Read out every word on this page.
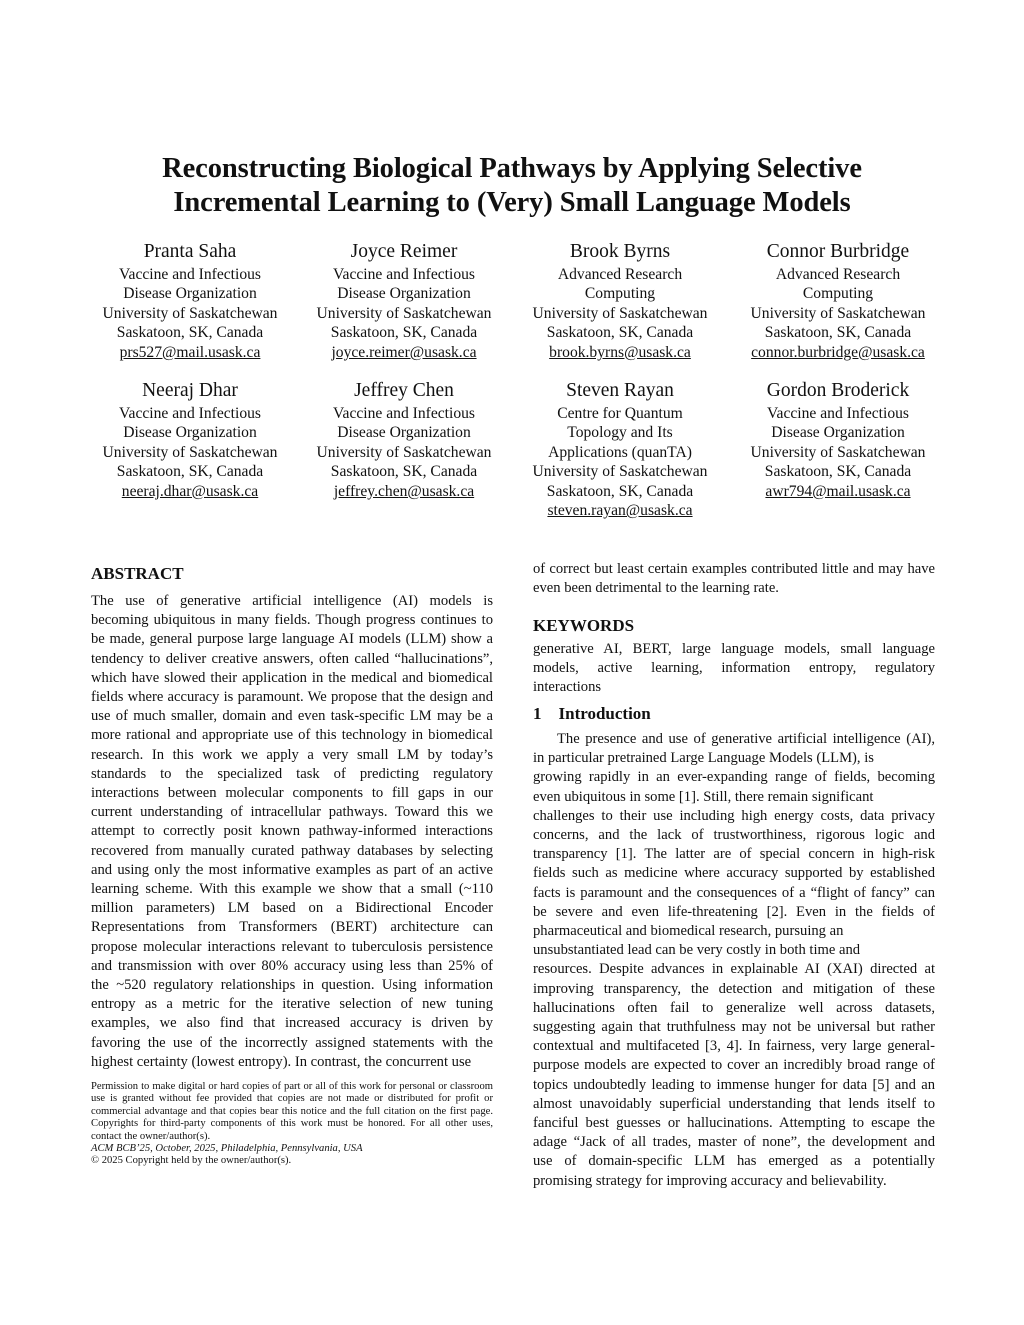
Reconstructing Biological Pathways by Applying Selective
Incremental Learning to (Very) Small Language Models
Pranta Saha
Vaccine and Infectious
Disease Organization
University of Saskatchewan
Saskatoon, SK, Canada
prs527@mail.usask.ca
Joyce Reimer
Vaccine and Infectious
Disease Organization
University of Saskatchewan
Saskatoon, SK, Canada
joyce.reimer@usask.ca
Brook Byrns
Advanced Research
Computing
University of Saskatchewan
Saskatoon, SK, Canada
brook.byrns@usask.ca
Connor Burbridge
Advanced Research
Computing
University of Saskatchewan
Saskatoon, SK, Canada
connor.burbridge@usask.ca
Neeraj Dhar
Vaccine and Infectious
Disease Organization
University of Saskatchewan
Saskatoon, SK, Canada
neeraj.dhar@usask.ca
Jeffrey Chen
Vaccine and Infectious
Disease Organization
University of Saskatchewan
Saskatoon, SK, Canada
jeffrey.chen@usask.ca
Steven Rayan
Centre for Quantum
Topology and Its
Applications (quanTA)
University of Saskatchewan
Saskatoon, SK, Canada
steven.rayan@usask.ca
Gordon Broderick
Vaccine and Infectious
Disease Organization
University of Saskatchewan
Saskatoon, SK, Canada
awr794@mail.usask.ca
ABSTRACT
The use of generative artificial intelligence (AI) models is
becoming ubiquitous in many fields. Though progress continues to
be made, general purpose large language AI models (LLM) show a
tendency to deliver creative answers, often called “hallucinations”,
which have slowed their application in the medical and biomedical
fields where accuracy is paramount. We propose that the design and
use of much smaller, domain and even task-specific LM may be a
more rational and appropriate use of this technology in biomedical
research. In this work we apply a very small LM by today’s
standards to the specialized task of predicting regulatory
interactions between molecular components to fill gaps in our
current understanding of intracellular pathways. Toward this we
attempt to correctly posit known pathway-informed interactions
recovered from manually curated pathway databases by selecting
and using only the most informative examples as part of an active
learning scheme. With this example we show that a small (~110
million parameters) LM based on a Bidirectional Encoder
Representations from Transformers (BERT) architecture can
propose molecular interactions relevant to tuberculosis persistence
and transmission with over 80% accuracy using less than 25% of
the ~520 regulatory relationships in question. Using information
entropy as a metric for the iterative selection of new tuning
examples, we also find that increased accuracy is driven by
favoring the use of the incorrectly assigned statements with the
highest certainty (lowest entropy). In contrast, the concurrent use

Permission to make digital or hard copies of part or all of this work for personal or classroom use is granted without fee provided that copies are not made or distributed for profit or commercial advantage and that copies bear this notice and the full citation on the first page. Copyrights for third-party components of this work must be honored. For all other uses, contact the owner/author(s).

ACM BCB’25, October, 2025, Philadelphia, Pennsylvania, USA

© 2025 Copyright held by the owner/author(s).

of correct but least certain examples contributed little and may have
even been detrimental to the learning rate.
KEYWORDS
generative AI, BERT, large language models, small language
models, active learning, information entropy, regulatory
interactions
1 Introduction
The presence and use of generative artificial intelligence (AI),
in particular pretrained Large Language Models (LLM), is
growing rapidly in an ever-expanding range of fields, becoming
even ubiquitous in some [1]. Still, there remain significant
challenges to their use including high energy costs, data privacy
concerns, and the lack of trustworthiness, rigorous logic and
transparency [1]. The latter are of special concern in high-risk
fields such as medicine where accuracy supported by established
facts is paramount and the consequences of a “flight of fancy” can
be severe and even life-threatening [2]. Even in the fields of
pharmaceutical and biomedical research, pursuing an
unsubstantiated lead can be very costly in both time and
resources. Despite advances in explainable AI (XAI) directed at
improving transparency, the detection and mitigation of these
hallucinations often fail to generalize well across datasets,
suggesting again that truthfulness may not be universal but rather
contextual and multifaceted [3, 4]. In fairness, very large general-
purpose models are expected to cover an incredibly broad range of
topics undoubtedly leading to immense hunger for data [5] and an
almost unavoidably superficial understanding that lends itself to
fanciful best guesses or hallucinations. Attempting to escape the
adage “Jack of all trades, master of none”, the development and
use of domain-specific LLM has emerged as a potentially
promising strategy for improving accuracy and believability.
